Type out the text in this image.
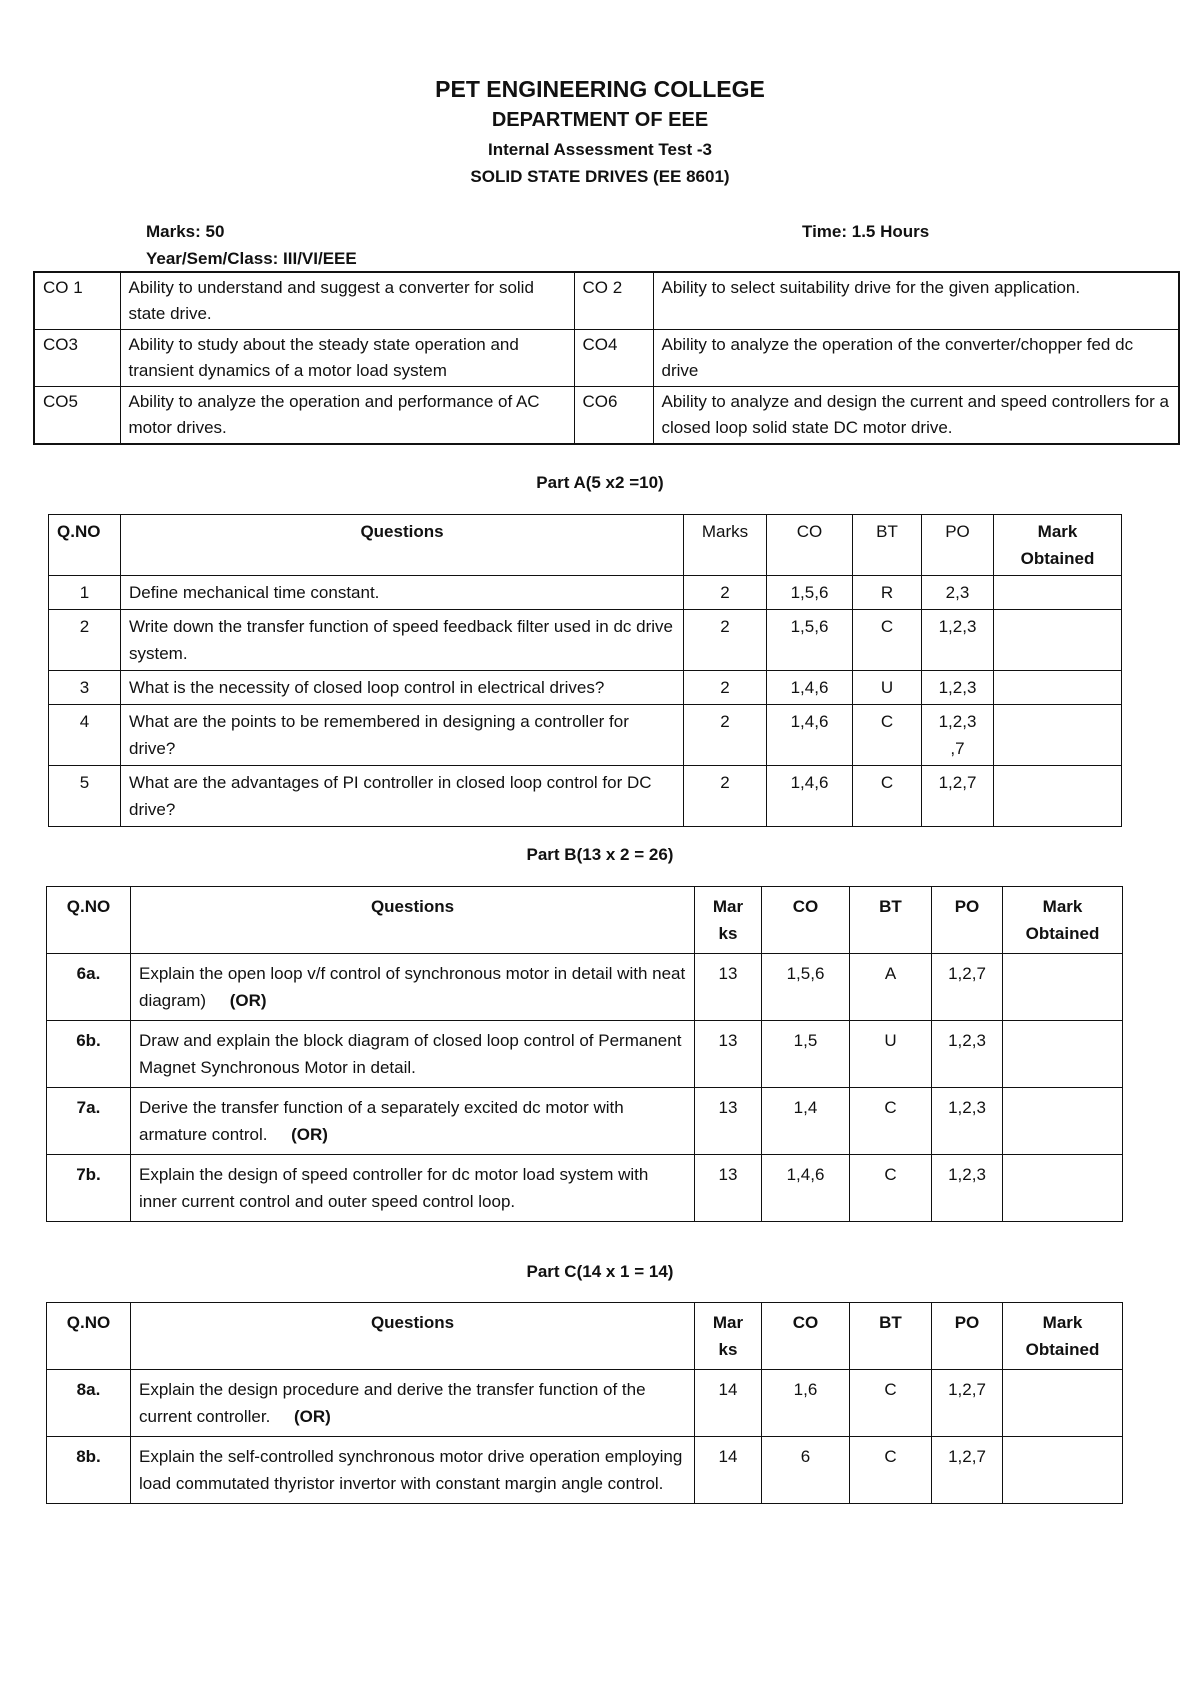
PET ENGINEERING COLLEGE
DEPARTMENT OF EEE
Internal Assessment Test -3
SOLID STATE DRIVES (EE 8601)
Marks: 50	Time: 1.5 Hours
Year/Sem/Class: III/VI/EEE
CO 1	Ability to understand and suggest a converter for solid state drive.	CO 2	Ability to select suitability drive for the given application.
CO3	Ability to study about the steady state operation and transient dynamics of a motor load system	CO4	Ability to analyze the operation of the converter/chopper fed dc drive
CO5	Ability to analyze the operation and performance of AC motor drives.	CO6	Ability to analyze and design the current and speed controllers for a closed loop solid state DC motor drive.
Part A(5 x2 =10)
Q.NO	Questions	Marks	CO	BT	PO	Mark Obtained
1	Define mechanical time constant.	2	1,5,6	R	2,3	
2	Write down the transfer function of speed feedback filter used in dc drive system.	2	1,5,6	C	1,2,3	
3	What is the necessity of closed loop control in electrical drives?	2	1,4,6	U	1,2,3	
4	What are the points to be remembered in designing a controller for drive?	2	1,4,6	C	1,2,3 ,7	
5	What are the advantages of PI controller in closed loop control for DC drive?	2	1,4,6	C	1,2,7	
Part B(13 x 2 = 26)
Q.NO	Questions	Mar ks	CO	BT	PO	Mark Obtained
6a.	Explain the open loop v/f control of synchronous motor in detail with neat diagram) (OR)	13	1,5,6	A	1,2,7	
6b.	Draw and explain the block diagram of closed loop control of Permanent Magnet Synchronous Motor in detail.	13	1,5	U	1,2,3	
7a.	Derive the transfer function of a separately excited dc motor with armature control. (OR)	13	1,4	C	1,2,3	
7b.	Explain the design of speed controller for dc motor load system with inner current control and outer speed control loop.	13	1,4,6	C	1,2,3	
Part C(14 x 1 = 14)
Q.NO	Questions	Mar ks	CO	BT	PO	Mark Obtained
8a.	Explain the design procedure and derive the transfer function of the current controller. (OR)	14	1,6	C	1,2,7	
8b.	Explain the self-controlled synchronous motor drive operation employing load commutated thyristor invertor with constant margin angle control.	14	6	C	1,2,7	
